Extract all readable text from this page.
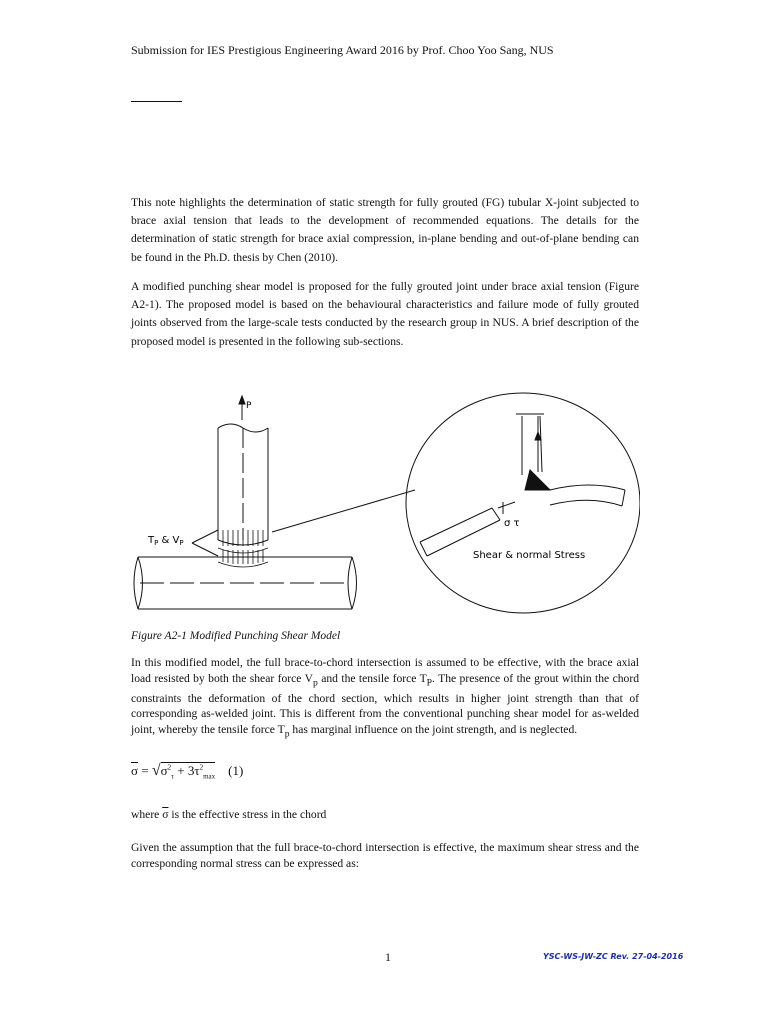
Submission for IES Prestigious Engineering Award 2016 by Prof. Choo Yoo Sang, NUS

This note highlights the determination of static strength for fully grouted (FG) tubular X-joint subjected to brace axial tension that leads to the development of recommended equations. The details for the determination of static strength for brace axial compression, in-plane bending and out-of-plane bending can be found in the Ph.D. thesis by Chen (2010).

A modified punching shear model is proposed for the fully grouted joint under brace axial tension (Figure A2-1). The proposed model is based on the behavioural characteristics and failure mode of fully grouted joints observed from the large-scale tests conducted by the research group in NUS. A brief description of the proposed model is presented in the following sub-sections.

P
$T_P$ & $V_P$
σ τ
Shear & normal Stress
Figure A2-1 Modified Punching Shear Model

In this modified model, the full brace-to-chord intersection is assumed to be effective, with the brace axial load resisted by both the shear force $V_p$ and the tensile force $T_P$. The presence of the grout within the chord constraints the deformation of the chord section, which results in higher joint strength than that of corresponding as-welded joint. This is different from the conventional punching shear model for as-welded joint, whereby the tensile force $T_p$ has marginal influence on the joint strength, and is neglected.

$\overline{\sigma} = √\sigma^2_\tau + 3\tau^2_{max}$ (1)
where $\overline{\sigma}$ is the effective stress in the chord

Given the assumption that the full brace-to-chord intersection is effective, the maximum shear stress and the corresponding normal stress can be expressed as:

1	YSC-WS-JW-ZC Rev. 27-04-2016
